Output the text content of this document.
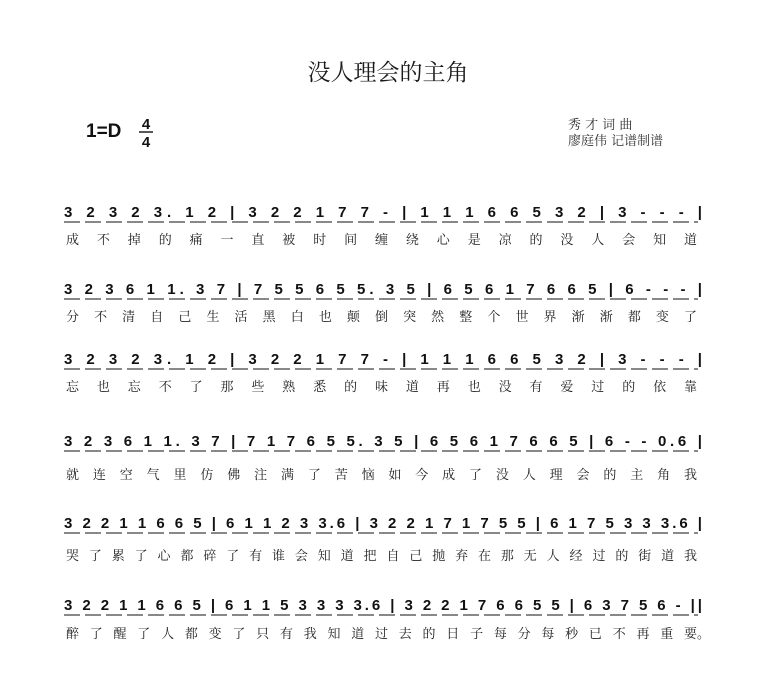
没人理会的主角
1=D 4
4
秀 才 词 曲
廖庭伟 记谱制谱
3 2 3 2 3. 1 2 | 3 2 2 1 7 7 - | 1 1 1 6 6 5 3 2 | 3 - - - |
成 不 掉 的 痛 一 直 被 时 间 缠 绕 心 是 凉 的 没 人 会 知 道
3 2 3 6 1 1. 3 7 | 7 5 5 6 5 5. 3 5 | 6 5 6 1 7 6 6 5 | 6 - - - |
分 不 清 自 己 生 活 黑 白 也 颠 倒 突 然 整 个 世 界 渐 渐 都 变 了
3 2 3 2 3. 1 2 | 3 2 2 1 7 7 - | 1 1 1 6 6 5 3 2 | 3 - - - |
忘 也 忘 不 了 那 些 熟 悉 的 味 道 再 也 没 有 爱 过 的 依 靠
3 2 3 6 1 1. 3 7 | 7 1 7 6 5 5. 3 5 | 6 5 6 1 7 6 6 5 | 6 - - 0.6 |
就 连 空 气 里 仿 佛 注 满 了 苦 恼 如 今 成 了 没 人 理 会 的 主 角 我
3 2 2 1 1 6 6 5 | 6 1 1 2 3 3.6 | 3 2 2 1 7 1 7 5 5 | 6 1 7 5 3 3 3.6 |
哭 了 累 了 心 都 碎 了 有 谁 会 知 道 把 自 己 抛 弃 在 那 无 人 经 过 的 街 道 我
3 2 2 1 1 6 6 5 | 6 1 1 5 3 3 3 3.6 | 3 2 2 1 7 6 6 5 5 | 6 3 7 5 6 - ||
醉 了 醒 了 人 都 变 了 只 有 我 知 道 过 去 的 日 子 每 分 每 秒 已 不 再 重 要。
